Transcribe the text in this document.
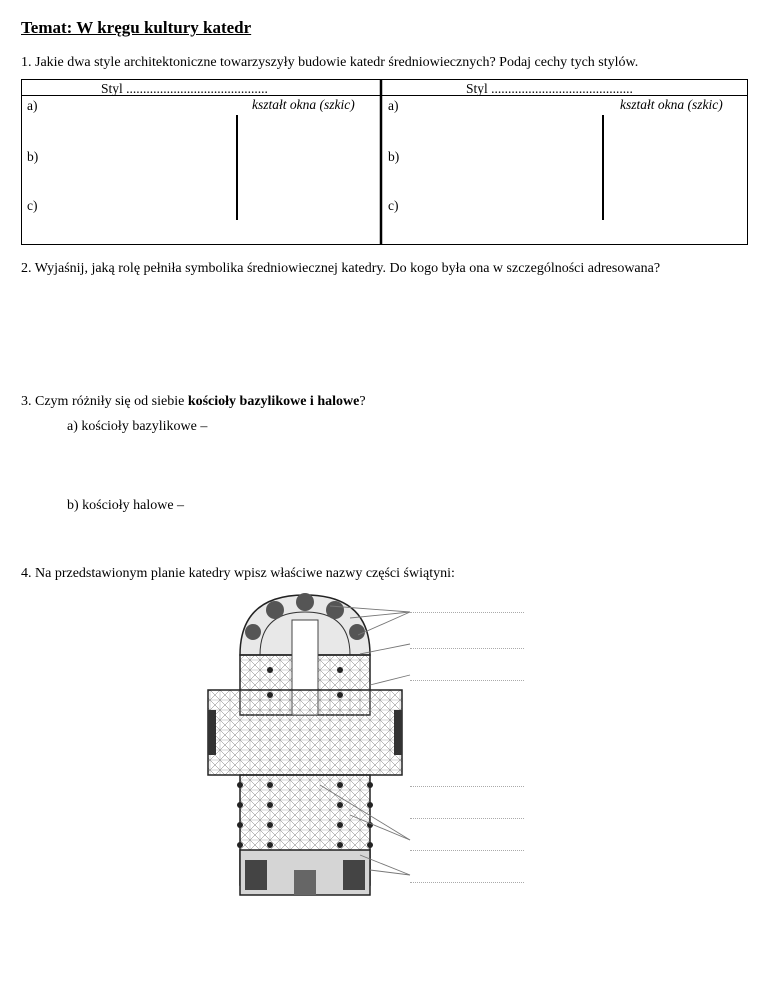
Temat: W kręgu kultury katedr
1. Jakie dwa style architektoniczne towarzyszyły budowie katedr średniowiecznych? Podaj cechy tych stylów.
Styl ..........................................
a)	kształt okna (szkic)
b)
c)
Styl ..........................................
a)	kształt okna (szkic)
b)
c)
2. Wyjaśnij, jaką rolę pełniła symbolika średniowiecznej katedry. Do kogo była ona w szczególności adresowana?
3. Czym różniły się od siebie kościoły bazylikowe i halowe?
a) kościoły bazylikowe –
b) kościoły halowe –
4. Na przedstawionym planie katedry wpisz właściwe nazwy części świątyni:
